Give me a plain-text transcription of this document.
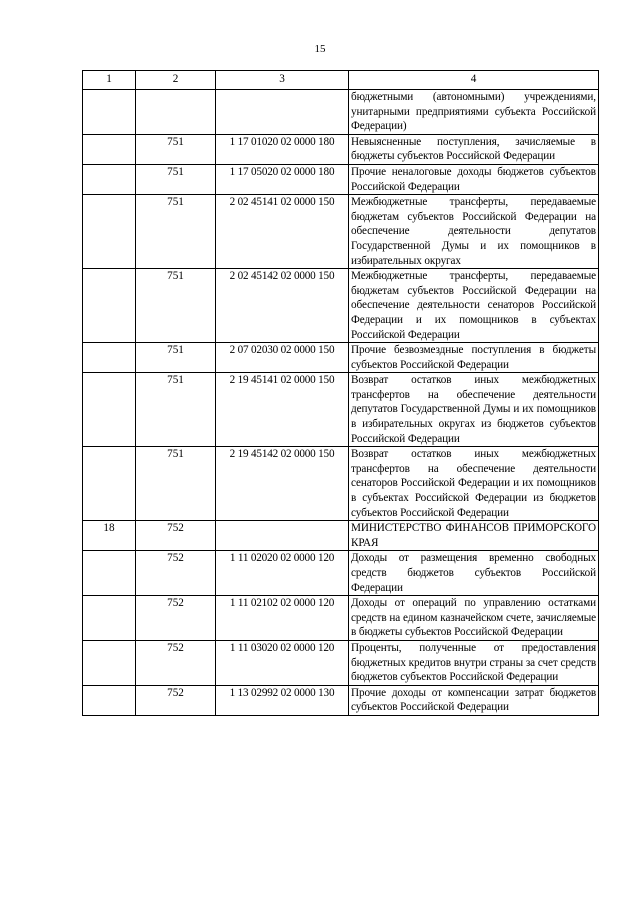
15
1	2	3	4
			бюджетными (автономными) учреждениями, унитарными предприятиями субъекта Российской Федерации)
	751	1 17 01020 02 0000 180	Невыясненные поступления, зачисляемые в бюджеты субъектов Российской Федерации
	751	1 17 05020 02 0000 180	Прочие неналоговые доходы бюджетов субъектов Российской Федерации
	751	2 02 45141 02 0000 150	Межбюджетные трансферты, передаваемые бюджетам субъектов Российской Федерации на обеспечение деятельности депутатов Государственной Думы и их помощников в избирательных округах
	751	2 02 45142 02 0000 150	Межбюджетные трансферты, передаваемые бюджетам субъектов Российской Федерации на обеспечение деятельности сенаторов Российской Федерации и их помощников в субъектах Российской Федерации
	751	2 07 02030 02 0000 150	Прочие безвозмездные поступления в бюджеты субъектов Российской Федерации
	751	2 19 45141 02 0000 150	Возврат остатков иных межбюджетных трансфертов на обеспечение деятельности депутатов Государственной Думы и их помощников в избирательных округах из бюджетов субъектов Российской Федерации
	751	2 19 45142 02 0000 150	Возврат остатков иных межбюджетных трансфертов на обеспечение деятельности сенаторов Российской Федерации и их помощников в субъектах Российской Федерации из бюджетов субъектов Российской Федерации
18	752		МИНИСТЕРСТВО ФИНАНСОВ ПРИМОРСКОГО КРАЯ
	752	1 11 02020 02 0000 120	Доходы от размещения временно свободных средств бюджетов субъектов Российской Федерации
	752	1 11 02102 02 0000 120	Доходы от операций по управлению остатками средств на едином казначейском счете, зачисляемые в бюджеты субъектов Российской Федерации
	752	1 11 03020 02 0000 120	Проценты, полученные от предоставления бюджетных кредитов внутри страны за счет средств бюджетов субъектов Российской Федерации
	752	1 13 02992 02 0000 130	Прочие доходы от компенсации затрат бюджетов субъектов Российской Федерации
